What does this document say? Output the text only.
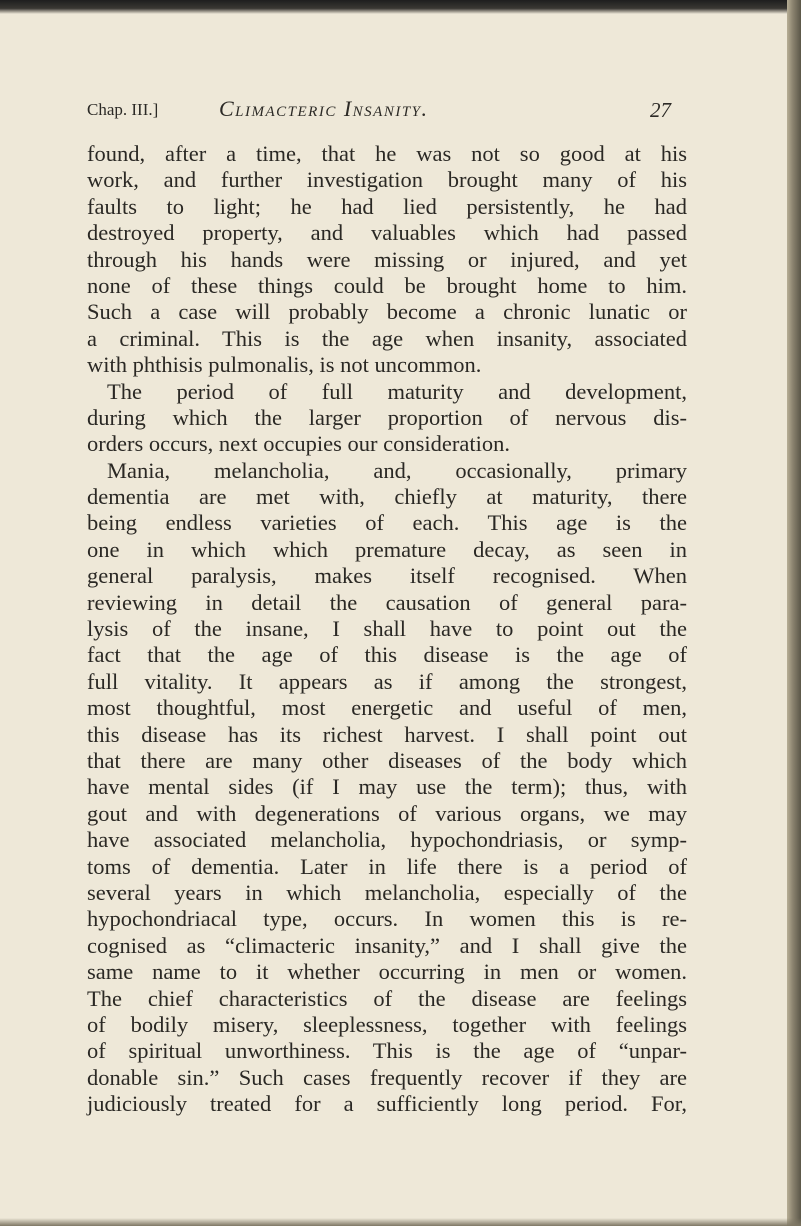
Chap. III.]	Climacteric Insanity.	27
found, after a time, that he was not so good at his
work, and further investigation brought many of his
faults to light; he had lied persistently, he had
destroyed property, and valuables which had passed
through his hands were missing or injured, and yet
none of these things could be brought home to him.
Such a case will probably become a chronic lunatic or
a criminal. This is the age when insanity, associated
with phthisis pulmonalis, is not uncommon.
The period of full maturity and development,
during which the larger proportion of nervous dis-
orders occurs, next occupies our consideration.
Mania, melancholia, and, occasionally, primary
dementia are met with, chiefly at maturity, there
being endless varieties of each. This age is the
one in which which premature decay, as seen in
general paralysis, makes itself recognised. When
reviewing in detail the causation of general para-
lysis of the insane, I shall have to point out the
fact that the age of this disease is the age of
full vitality. It appears as if among the strongest,
most thoughtful, most energetic and useful of men,
this disease has its richest harvest. I shall point out
that there are many other diseases of the body which
have mental sides (if I may use the term); thus, with
gout and with degenerations of various organs, we may
have associated melancholia, hypochondriasis, or symp-
toms of dementia. Later in life there is a period of
several years in which melancholia, especially of the
hypochondriacal type, occurs. In women this is re-
cognised as “climacteric insanity,” and I shall give the
same name to it whether occurring in men or women.
The chief characteristics of the disease are feelings
of bodily misery, sleeplessness, together with feelings
of spiritual unworthiness. This is the age of “unpar-
donable sin.” Such cases frequently recover if they are
judiciously treated for a sufficiently long period. For,
